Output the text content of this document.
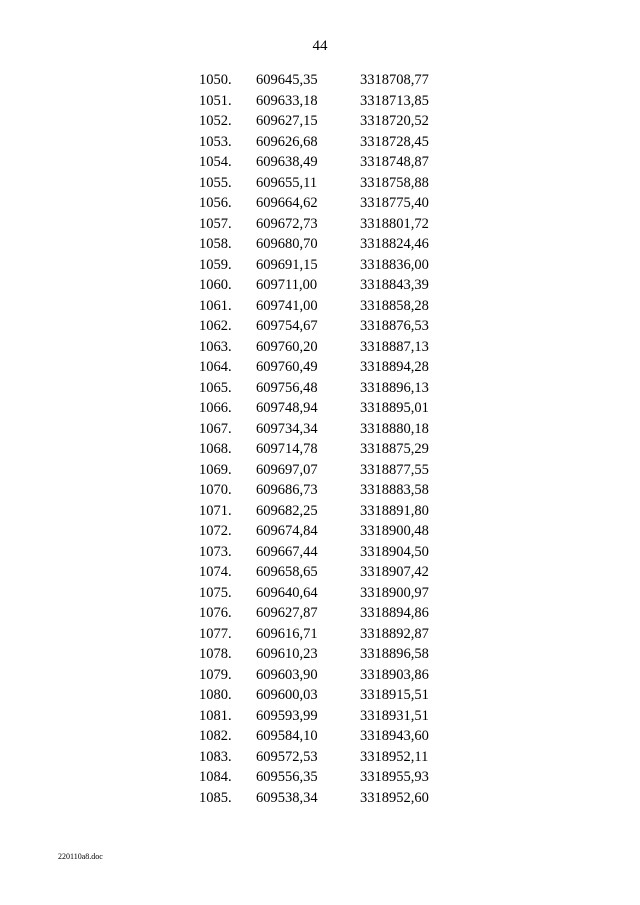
44
1050. 609645,35	3318708,77
1051. 609633,18	3318713,85
1052. 609627,15	3318720,52
1053. 609626,68	3318728,45
1054. 609638,49	3318748,87
1055. 609655,11	3318758,88
1056. 609664,62	3318775,40
1057. 609672,73	3318801,72
1058. 609680,70	3318824,46
1059. 609691,15	3318836,00
1060. 609711,00	3318843,39
1061. 609741,00	3318858,28
1062. 609754,67	3318876,53
1063. 609760,20	3318887,13
1064. 609760,49	3318894,28
1065. 609756,48	3318896,13
1066. 609748,94	3318895,01
1067. 609734,34	3318880,18
1068. 609714,78	3318875,29
1069. 609697,07	3318877,55
1070. 609686,73	3318883,58
1071. 609682,25	3318891,80
1072. 609674,84	3318900,48
1073. 609667,44	3318904,50
1074. 609658,65	3318907,42
1075. 609640,64	3318900,97
1076. 609627,87	3318894,86
1077. 609616,71	3318892,87
1078. 609610,23	3318896,58
1079. 609603,90	3318903,86
1080. 609600,03	3318915,51
1081. 609593,99	3318931,51
1082. 609584,10	3318943,60
1083. 609572,53	3318952,11
1084. 609556,35	3318955,93
1085. 609538,34	3318952,60
220110a8.doc
